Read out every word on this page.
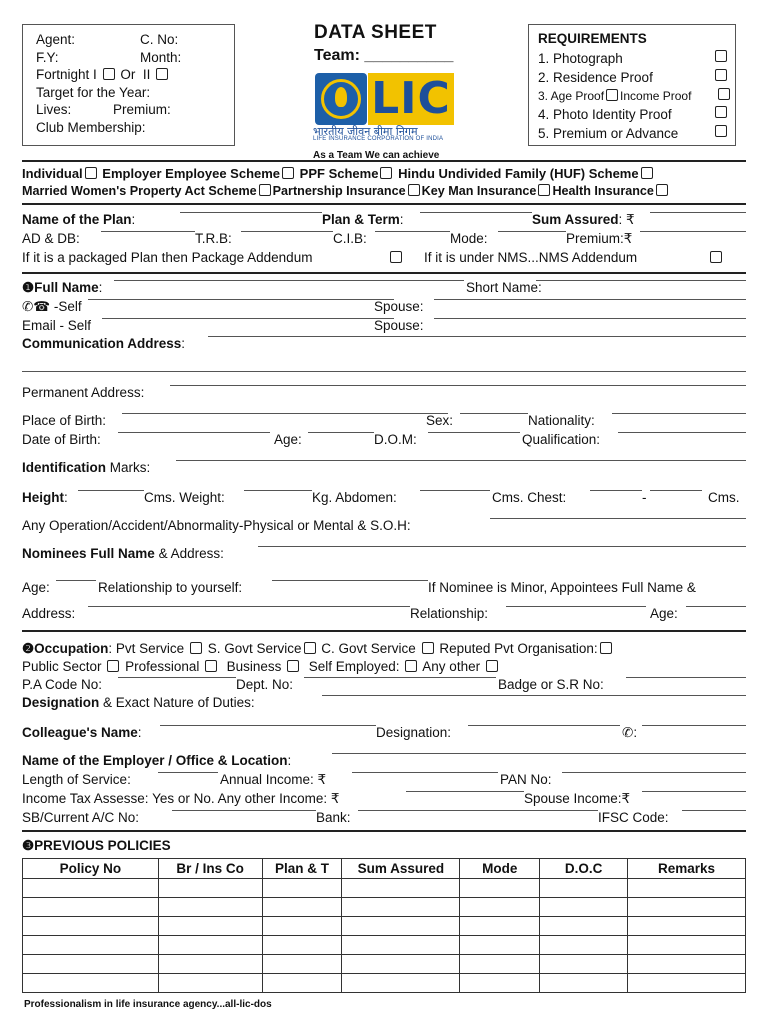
Agent:	C. No:
F.Y:	Month:
Fortnight I Or II
Target for the Year:
Lives:	Premium:
Club Membership:
DATA SHEET
Team: __________
LIC
भारतीय जीवन बीमा निगम
LIFE INSURANCE CORPORATION OF INDIA
As a Team We can achieve
REQUIREMENTS
1. Photograph
2. Residence Proof
3. Age Proof Income Proof
4. Photo Identity Proof
5. Premium or Advance
Individual Employer Employee Scheme PPF Scheme Hindu Undivided Family (HUF) Scheme
Married Women's Property Act Scheme Partnership Insurance Key Man Insurance Health Insurance
Name of the Plan:	Plan & Term:	Sum Assured: ₹
AD & DB:	T.R.B:	C.I.B:	Mode:	Premium:₹
If it is a packaged Plan then Package Addendum	If it is under NMS...NMS Addendum
❶Full Name:	Short Name:
✆☎ -Self	Spouse:
Email - Self	Spouse:
Communication Address:
Permanent Address:
Place of Birth:	Sex:	Nationality:
Date of Birth:	Age:	D.O.M:	Qualification:
Identification Marks:
Height:	Cms. Weight:	Kg. Abdomen:	Cms. Chest:	-	Cms.
Any Operation/Accident/Abnormality-Physical or Mental & S.O.H:
Nominees Full Name & Address:
Age:	Relationship to yourself:	If Nominee is Minor, Appointees Full Name &
Address:	Relationship:	Age:
❷Occupation: Pvt Service S. Govt Service C. Govt Service Reputed Pvt Organisation:
Public Sector Professional Business Self Employed: Any other
P.A Code No:	Dept. No:	Badge or S.R No:
Designation & Exact Nature of Duties:
Colleague's Name:	Designation:	✆:
Name of the Employer / Office & Location:
Length of Service:	Annual Income: ₹	PAN No:
Income Tax Assesse: Yes or No. Any other Income: ₹	Spouse Income:₹
SB/Current A/C No:	Bank:	IFSC Code:
❸PREVIOUS POLICIES
Policy No	Br / Ins Co	Plan & T	Sum Assured	Mode	D.O.C	Remarks

Professionalism in life insurance agency...all-lic-dos
